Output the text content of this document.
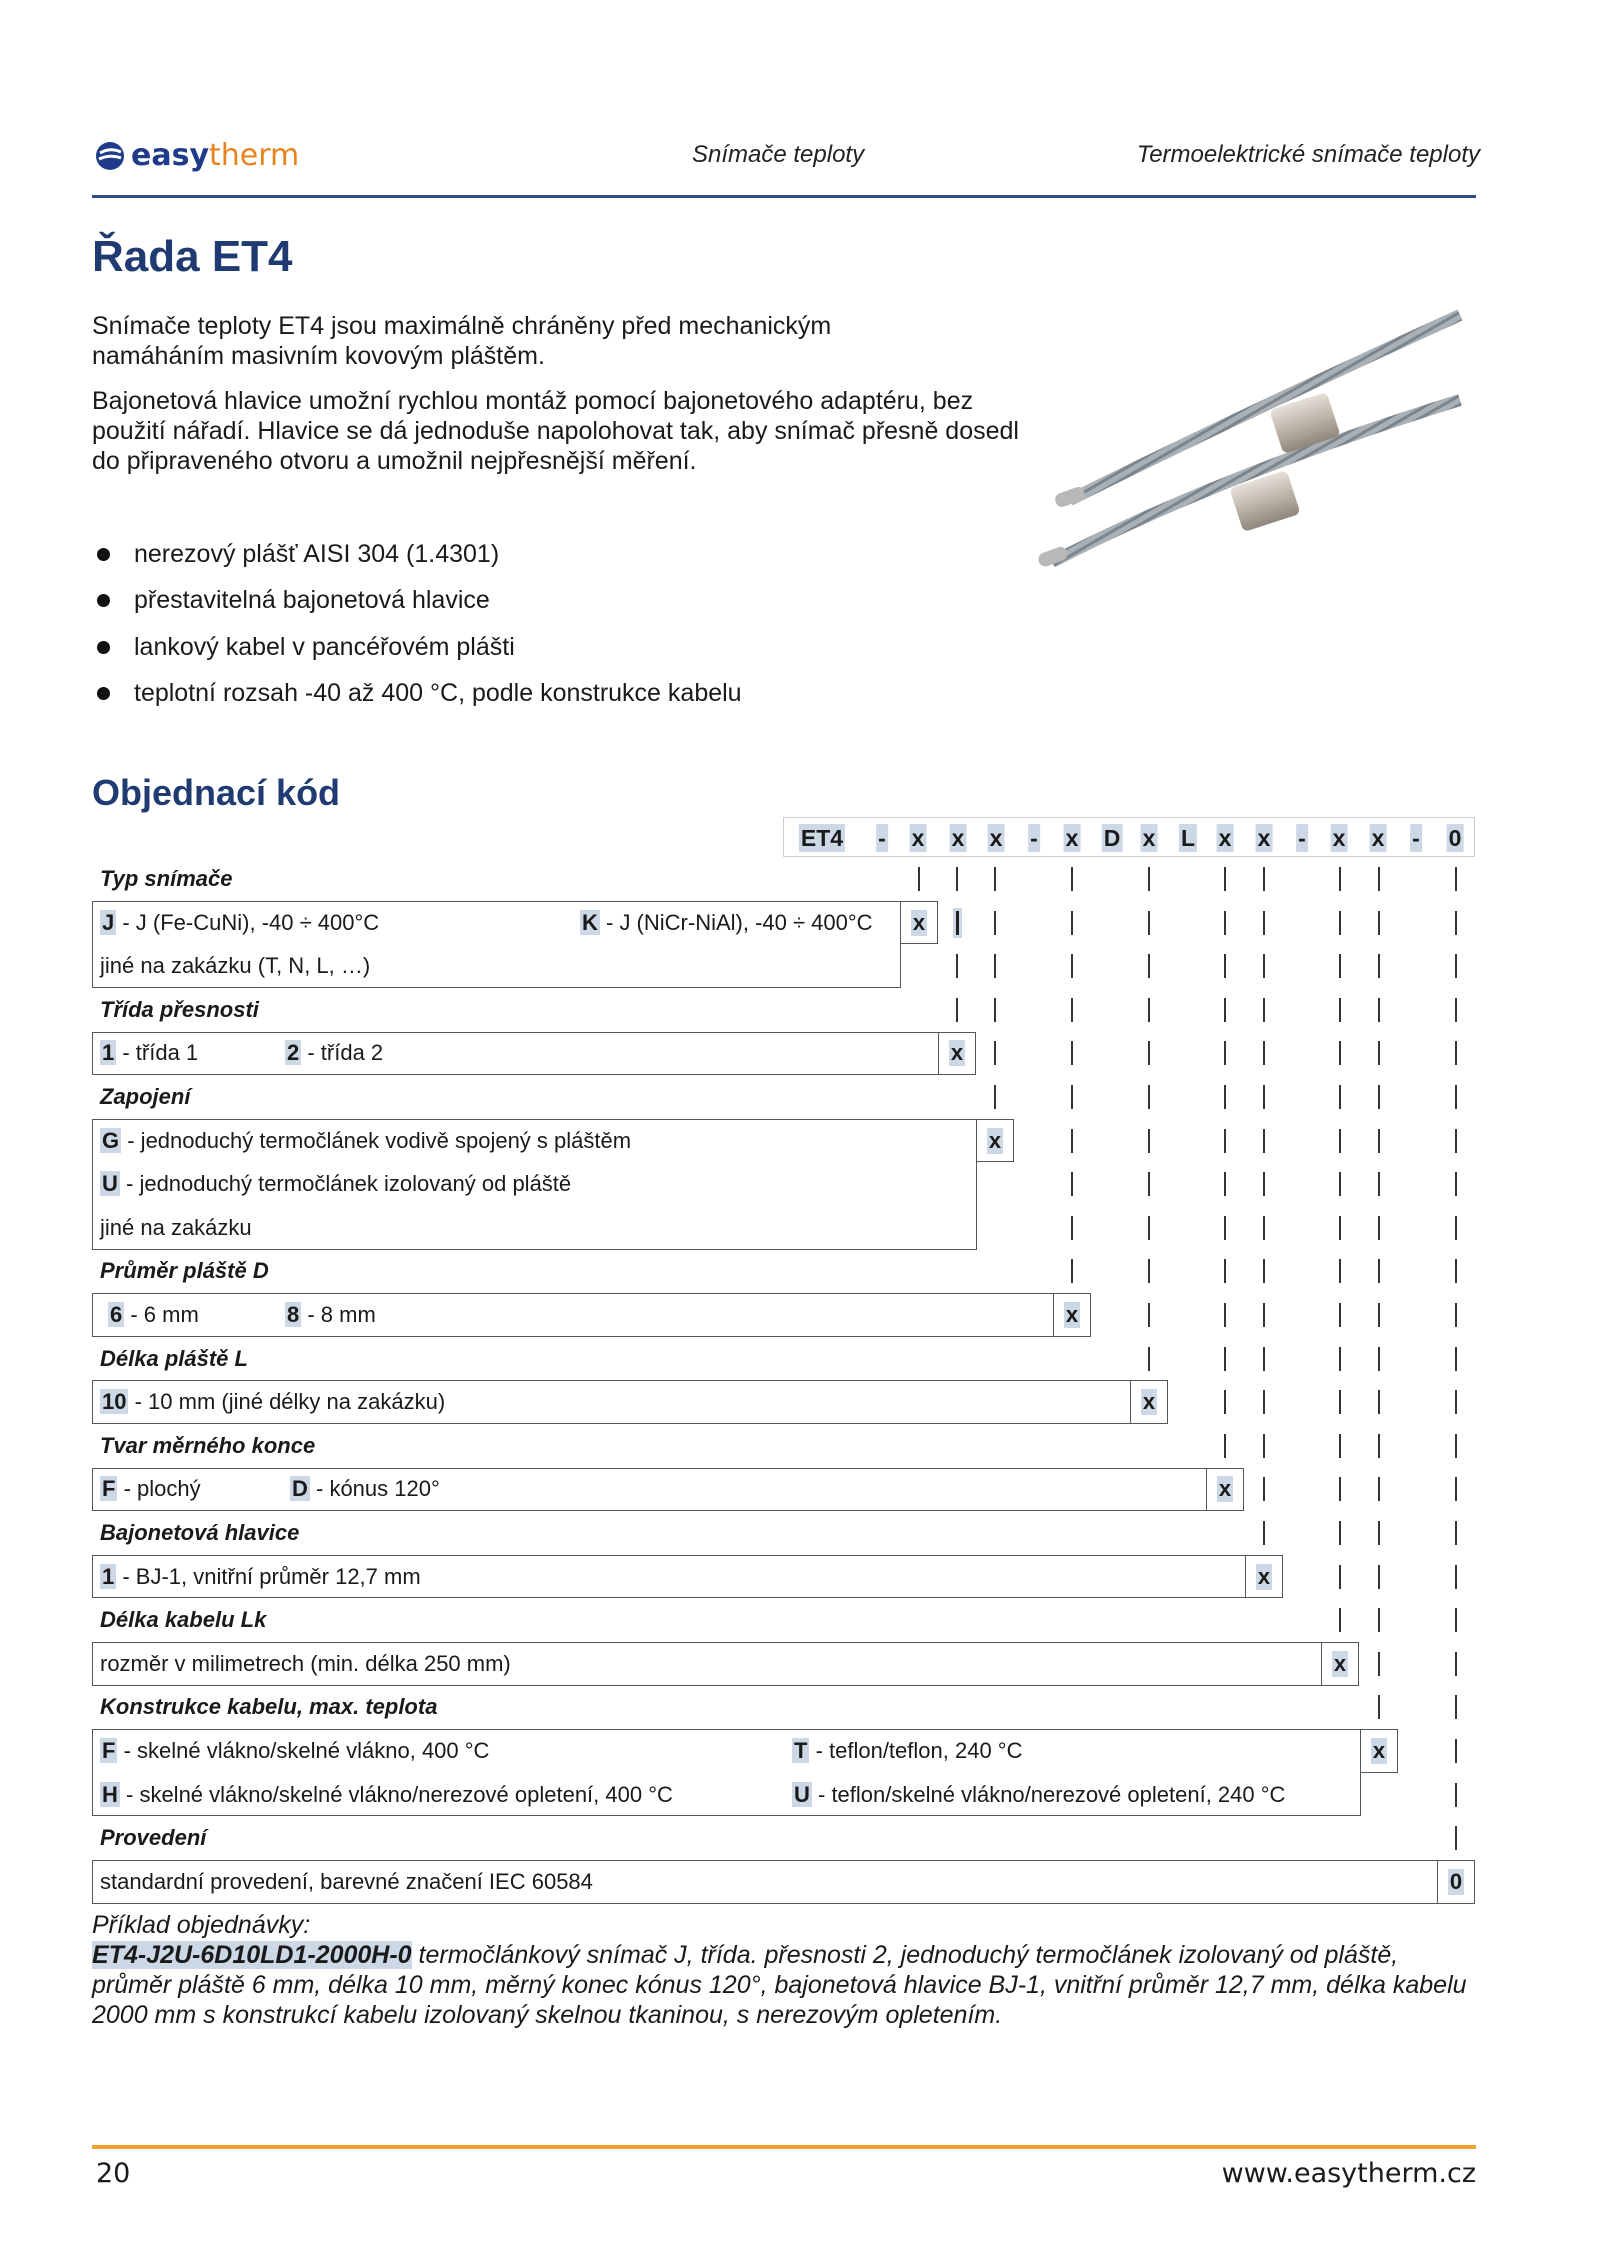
easy therm	Snímače teploty	Termoelektrické snímače teploty
Řada ET4
Snímače teploty ET4 jsou maximálně chráněny před mechanickým namáháním masivním kovovým pláštěm.
Bajonetová hlavice umožní rychlou montáž pomocí bajonetového adaptéru, bez použití nářadí. Hlavice se dá jednoduše napolohovat tak, aby snímač přesně dosedl do připraveného otvoru a umožnil nejpřesnější měření.
nerezový plášť AISI 304 (1.4301)
přestavitelná bajonetová hlavice
lankový kabel v pancéřovém plášti
teplotní rozsah -40 až 400 °C, podle konstrukce kabelu
Objednací kód
ET4 - x x x - x D x L x x - x x - 0
Typ snímače
x
J - J (Fe-CuNi), -40 ÷ 400°C	K - J (NiCr-NiAl), -40 ÷ 400°C
jiné na zakázku (T, N, L, …)
Třída přesnosti
x
1 - třída 1	2 - třída 2
Zapojení
x
G - jednoduchý termočlánek vodivě spojený s pláštěm
U - jednoduchý termočlánek izolovaný od pláště
jiné na zakázku
Průměr pláště D
x
6 - 6 mm	8 - 8 mm
Délka pláště L
x
10 - 10 mm (jiné délky na zakázku)
Tvar měrného konce
x
F - plochý	D - kónus 120°
Bajonetová hlavice
x
1 - BJ-1, vnitřní průměr 12,7 mm
Délka kabelu Lk
x
rozměr v milimetrech (min. délka 250 mm)
Konstrukce kabelu, max. teplota
x
F - skelné vlákno/skelné vlákno, 400 °C	T - teflon/teflon, 240 °C
H - skelné vlákno/skelné vlákno/nerezové opletení, 400 °C	U - teflon/skelné vlákno/nerezové opletení, 240 °C
Provedení
0
standardní provedení, barevné značení IEC 60584
Příklad objednávky:
ET4-J2U-6D10LD1-2000H-0 termočlánkový snímač J, třída. přesnosti 2, jednoduchý termočlánek izolovaný od pláště, průměr pláště 6 mm, délka 10 mm, měrný konec kónus 120°, bajonetová hlavice BJ-1, vnitřní průměr 12,7 mm, délka kabelu 2000 mm s konstrukcí kabelu izolovaný skelnou tkaninou, s nerezovým opletením.
20	www.easytherm.cz
